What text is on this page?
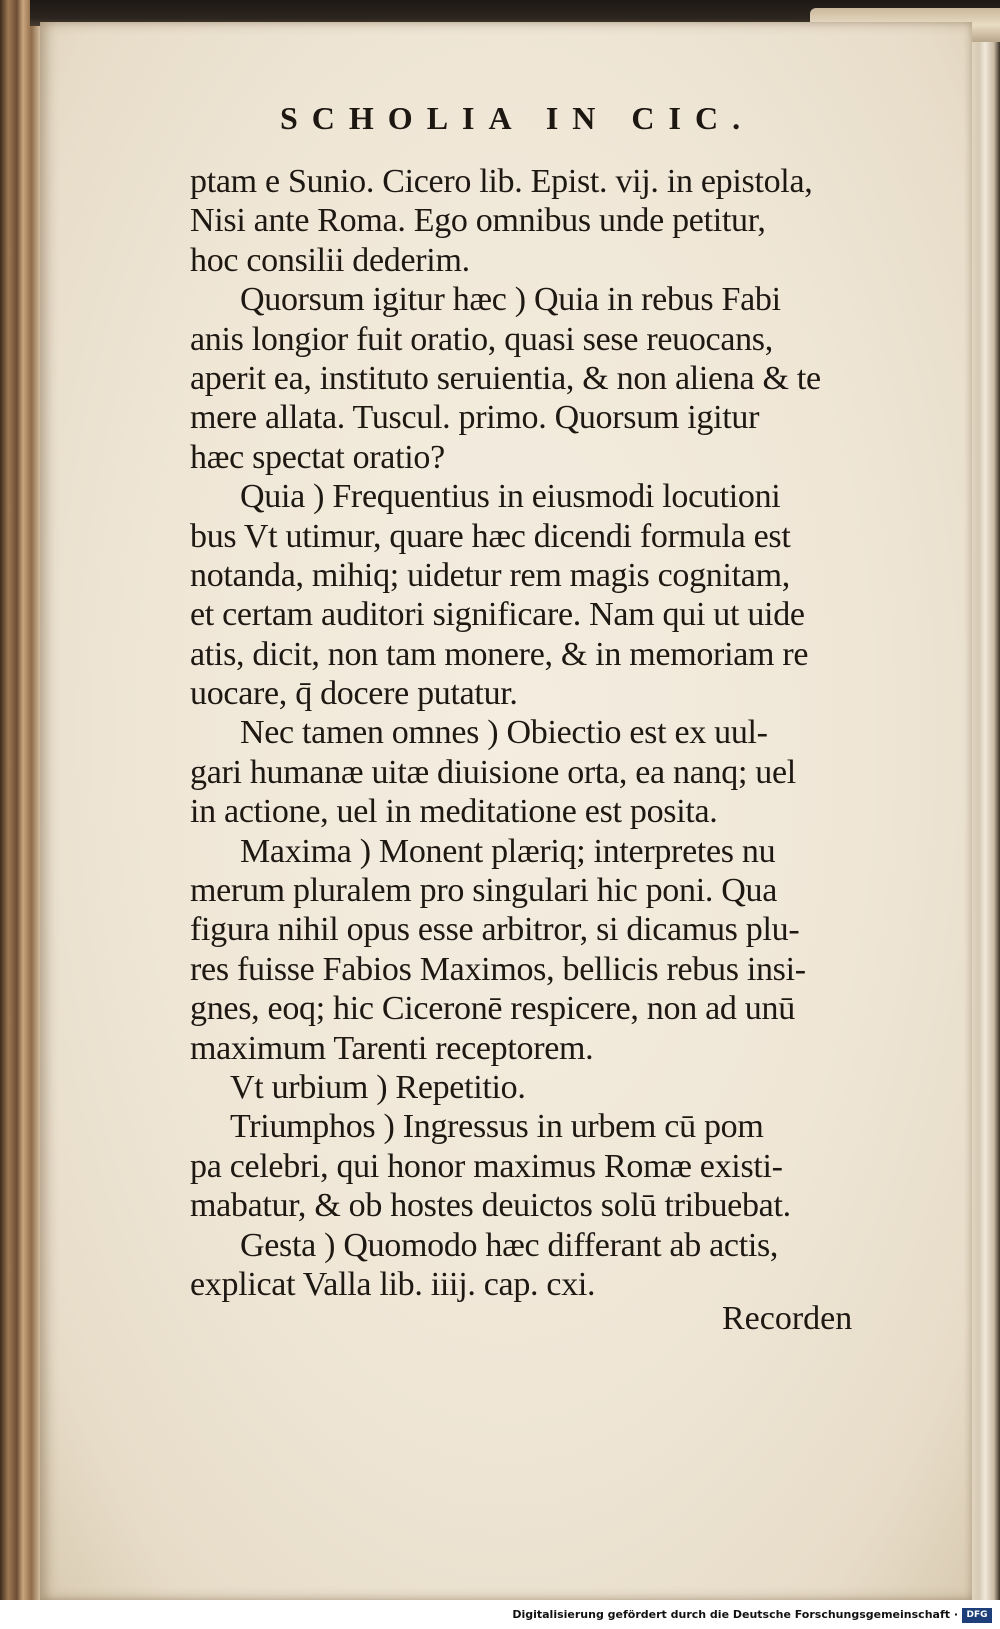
SCHOLIA IN CIC.
ptam e Sunio. Cicero lib. Epist. vij. in epistola,
Nisi ante Roma. Ego omnibus unde petitur,
hoc consilii dederim.
Quorsum igitur hæc ) Quia in rebus Fabi
anis longior fuit oratio, quasi sese reuocans,
aperit ea, instituto seruientia, & non aliena & te
mere allata. Tuscul. primo. Quorsum igitur
hæc spectat oratio?
Quia ) Frequentius in eiusmodi locutioni
bus Vt utimur, quare hæc dicendi formula est
notanda, mihiq; uidetur rem magis cognitam,
et certam auditori significare. Nam qui ut uide
atis, dicit, non tam monere, & in memoriam re
uocare, q̄ docere putatur.
Nec tamen omnes ) Obiectio est ex uul-
gari humanæ uitæ diuisione orta, ea nanq; uel
in actione, uel in meditatione est posita.
Maxima ) Monent plæriq; interpretes nu
merum pluralem pro singulari hic poni. Qua
figura nihil opus esse arbitror, si dicamus plu-
res fuisse Fabios Maximos, bellicis rebus insi-
gnes, eoq; hic Ciceronē respicere, non ad unū
maximum Tarenti receptorem.
Vt urbium ) Repetitio.
Triumphos ) Ingressus in urbem cū pom
pa celebri, qui honor maximus Romæ existi-
mabatur, & ob hostes deuictos solū tribuebat.
Gesta ) Quomodo hæc differant ab actis,
explicat Valla lib. iiij. cap. cxi.
Recorden
Digitalisierung gefördert durch die Deutsche Forschungsgemeinschaft · DFG
